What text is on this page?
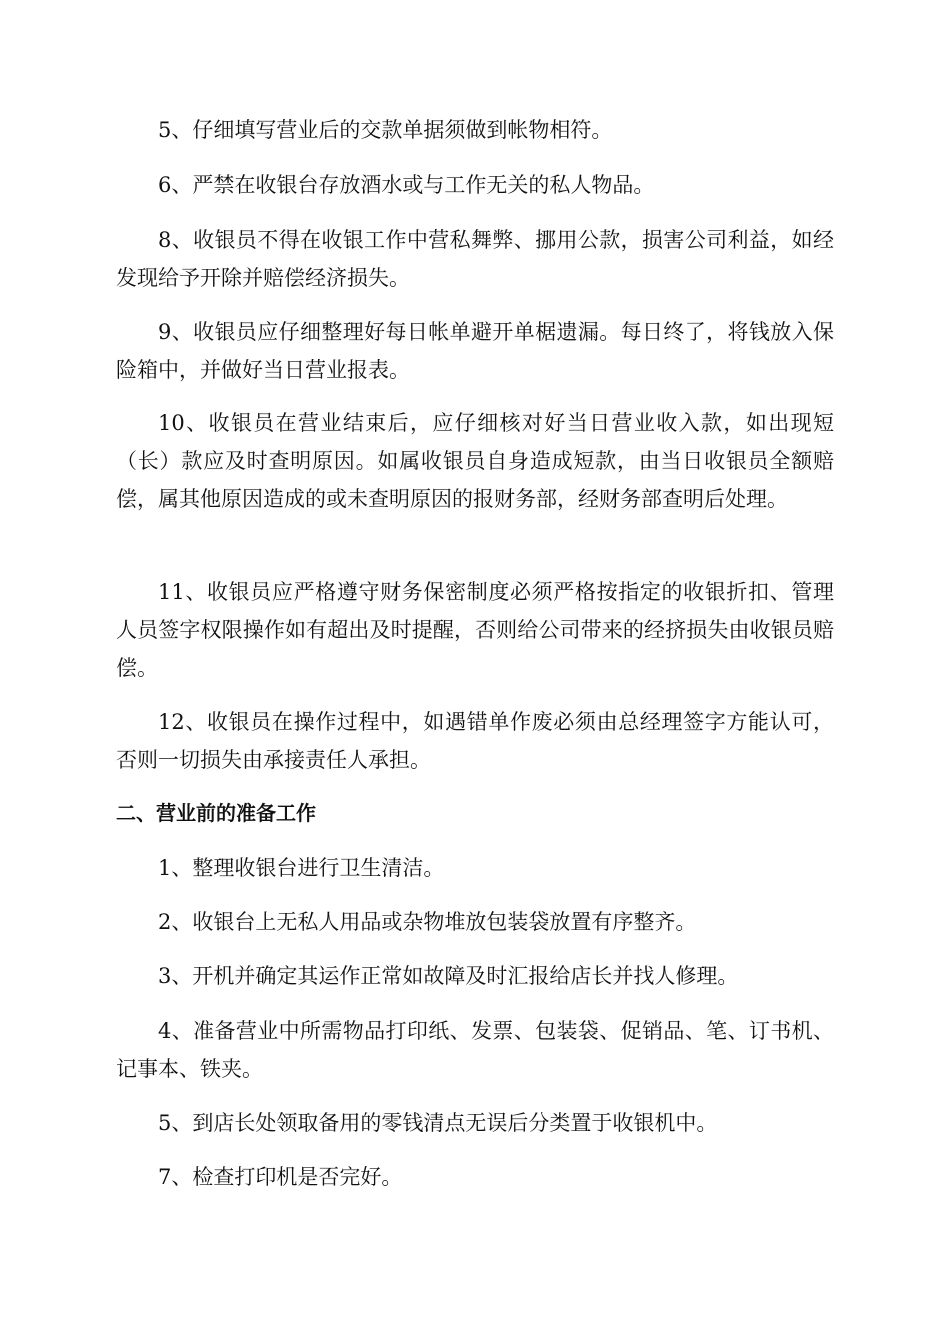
5、仔细填写营业后的交款单据须做到帐物相符。

6、严禁在收银台存放酒水或与工作无关的私人物品。

8、收银员不得在收银工作中营私舞弊、挪用公款，损害公司利益，如经发现给予开除并赔偿经济损失。

9、收银员应仔细整理好每日帐单避开单椐遗漏。每日终了，将钱放入保险箱中，并做好当日营业报表。

10、收银员在营业结束后，应仔细核对好当日营业收入款，如出现短（长）款应及时查明原因。如属收银员自身造成短款，由当日收银员全额赔偿，属其他原因造成的或未查明原因的报财务部，经财务部查明后处理。

11、收银员应严格遵守财务保密制度必须严格按指定的收银折扣、管理人员签字权限操作如有超出及时提醒，否则给公司带来的经挤损失由收银员赔偿。

12、收银员在操作过程中，如遇错单作废必须由总经理签字方能认可，否则一切损失由承接责任人承担。

二、营业前的准备工作

1、整理收银台进行卫生清洁。

2、收银台上无私人用品或杂物堆放包装袋放置有序整齐。

3、开机并确定其运作正常如故障及时汇报给店长并找人修理。

4、准备营业中所需物品打印纸、发票、包装袋、促销品、笔、订书机、记事本、铁夹。

5、到店长处领取备用的零钱清点无误后分类置于收银机中。

7、检查打印机是否完好。
